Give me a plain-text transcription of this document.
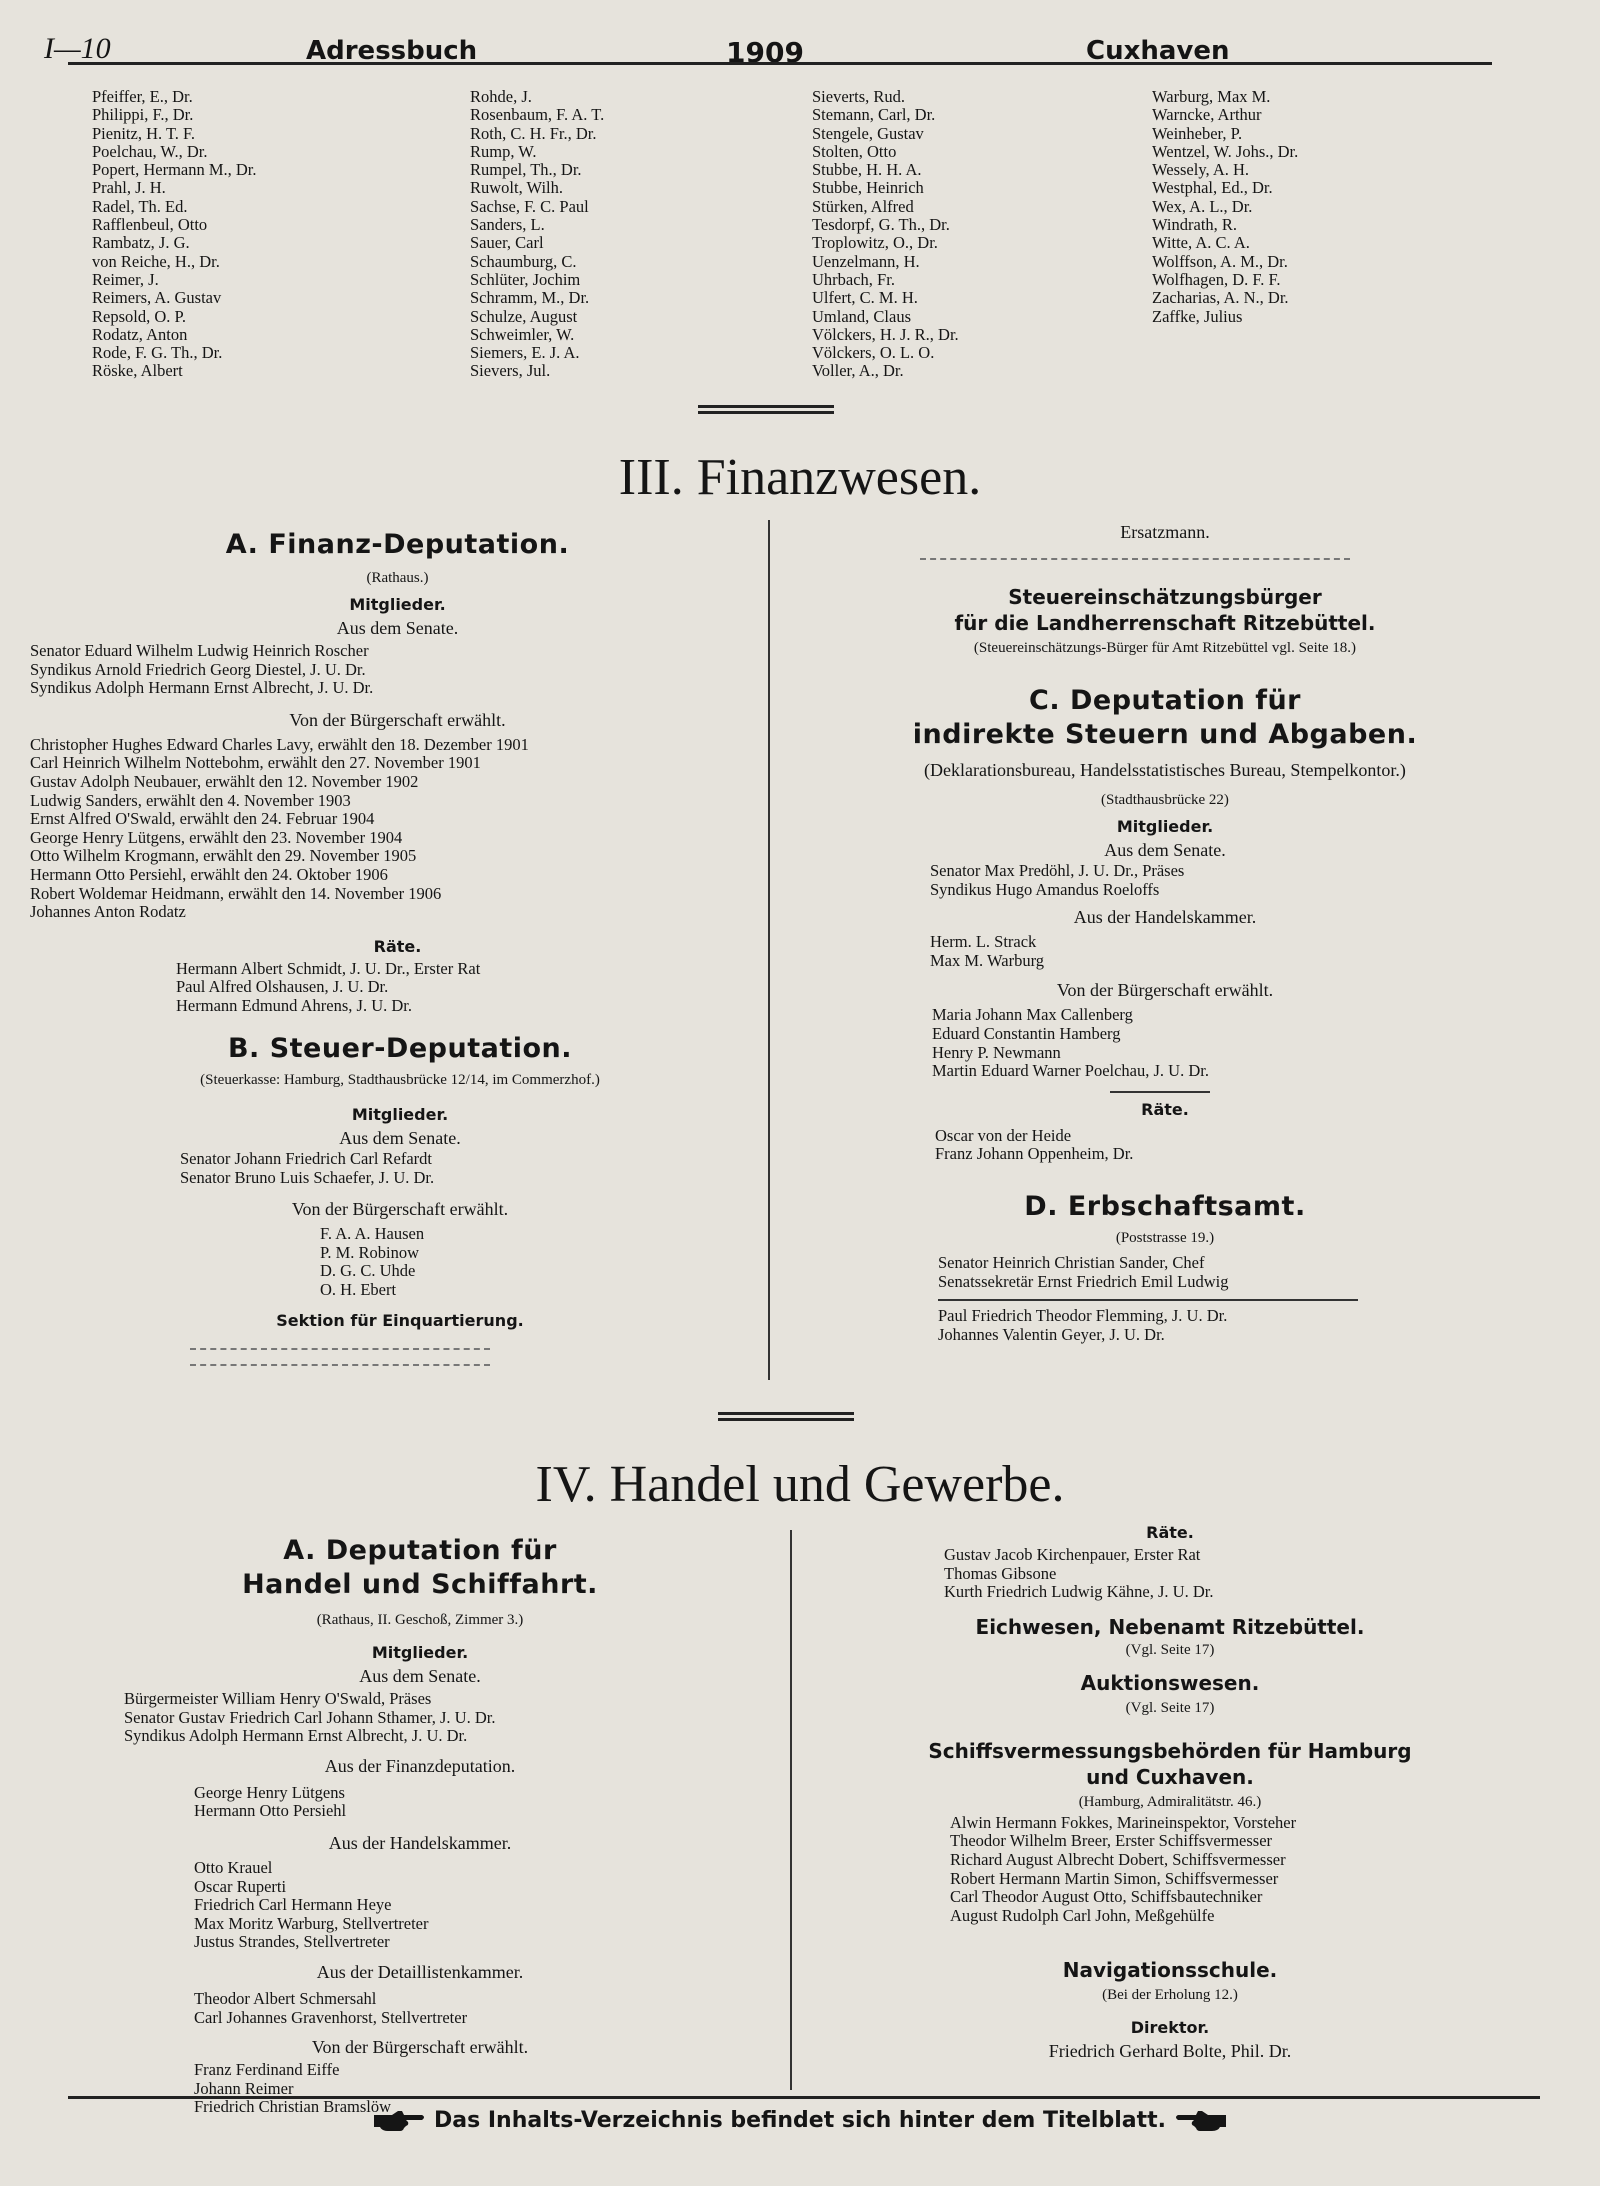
I—10	Adressbuch	1909	Cuxhaven
Pfeiffer, E., Dr.
Philippi, F., Dr.
Pienitz, H. T. F.
Poelchau, W., Dr.
Popert, Hermann M., Dr.
Prahl, J. H.
Radel, Th. Ed.
Rafflenbeul, Otto
Rambatz, J. G.
von Reiche, H., Dr.
Reimer, J.
Reimers, A. Gustav
Repsold, O. P.
Rodatz, Anton
Rode, F. G. Th., Dr.
Röske, Albert
Rohde, J.
Rosenbaum, F. A. T.
Roth, C. H. Fr., Dr.
Rump, W.
Rumpel, Th., Dr.
Ruwolt, Wilh.
Sachse, F. C. Paul
Sanders, L.
Sauer, Carl
Schaumburg, C.
Schlüter, Jochim
Schramm, M., Dr.
Schulze, August
Schweimler, W.
Siemers, E. J. A.
Sievers, Jul.
Sieverts, Rud.
Stemann, Carl, Dr.
Stengele, Gustav
Stolten, Otto
Stubbe, H. H. A.
Stubbe, Heinrich
Stürken, Alfred
Tesdorpf, G. Th., Dr.
Troplowitz, O., Dr.
Uenzelmann, H.
Uhrbach, Fr.
Ulfert, C. M. H.
Umland, Claus
Völckers, H. J. R., Dr.
Völckers, O. L. O.
Voller, A., Dr.
Warburg, Max M.
Warncke, Arthur
Weinheber, P.
Wentzel, W. Johs., Dr.
Wessely, A. H.
Westphal, Ed., Dr.
Wex, A. L., Dr.
Windrath, R.
Witte, A. C. A.
Wolffson, A. M., Dr.
Wolfhagen, D. F. F.
Zacharias, A. N., Dr.
Zaffke, Julius
III. Finanzwesen.
A. Finanz-Deputation.
(Rathaus.)
Mitglieder.
Aus dem Senate.
Senator Eduard Wilhelm Ludwig Heinrich Roscher
Syndikus Arnold Friedrich Georg Diestel, J. U. Dr.
Syndikus Adolph Hermann Ernst Albrecht, J. U. Dr.
Von der Bürgerschaft erwählt.
Christopher Hughes Edward Charles Lavy, erwählt den 18. Dezember 1901
Carl Heinrich Wilhelm Nottebohm, erwählt den 27. November 1901
Gustav Adolph Neubauer, erwählt den 12. November 1902
Ludwig Sanders, erwählt den 4. November 1903
Ernst Alfred O'Swald, erwählt den 24. Februar 1904
George Henry Lütgens, erwählt den 23. November 1904
Otto Wilhelm Krogmann, erwählt den 29. November 1905
Hermann Otto Persiehl, erwählt den 24. Oktober 1906
Robert Woldemar Heidmann, erwählt den 14. November 1906
Johannes Anton Rodatz
Räte.
Hermann Albert Schmidt, J. U. Dr., Erster Rat
Paul Alfred Olshausen, J. U. Dr.
Hermann Edmund Ahrens, J. U. Dr.
B. Steuer-Deputation.
(Steuerkasse: Hamburg, Stadthausbrücke 12/14, im Commerzhof.)
Mitglieder.
Aus dem Senate.
Senator Johann Friedrich Carl Refardt
Senator Bruno Luis Schaefer, J. U. Dr.
Von der Bürgerschaft erwählt.
F. A. A. Hausen
P. M. Robinow
D. G. C. Uhde
O. H. Ebert
Sektion für Einquartierung.
Ersatzmann.
Steuereinschätzungsbürger
für die Landherrenschaft Ritzebüttel.
(Steuereinschätzungs-Bürger für Amt Ritzebüttel vgl. Seite 18.)
C. Deputation für
indirekte Steuern und Abgaben.
(Deklarationsbureau, Handelsstatistisches Bureau, Stempelkontor.)
(Stadthausbrücke 22)
Mitglieder.
Aus dem Senate.
Senator Max Predöhl, J. U. Dr., Präses
Syndikus Hugo Amandus Roeloffs
Aus der Handelskammer.
Herm. L. Strack
Max M. Warburg
Von der Bürgerschaft erwählt.
Maria Johann Max Callenberg
Eduard Constantin Hamberg
Henry P. Newmann
Martin Eduard Warner Poelchau, J. U. Dr.
Räte.
Oscar von der Heide
Franz Johann Oppenheim, Dr.
D. Erbschaftsamt.
(Poststrasse 19.)
Senator Heinrich Christian Sander, Chef
Senatssekretär Ernst Friedrich Emil Ludwig
Paul Friedrich Theodor Flemming, J. U. Dr.
Johannes Valentin Geyer, J. U. Dr.
IV. Handel und Gewerbe.
A. Deputation für
Handel und Schiffahrt.
(Rathaus, II. Geschoß, Zimmer 3.)
Mitglieder.
Aus dem Senate.
Bürgermeister William Henry O'Swald, Präses
Senator Gustav Friedrich Carl Johann Sthamer, J. U. Dr.
Syndikus Adolph Hermann Ernst Albrecht, J. U. Dr.
Aus der Finanzdeputation.
George Henry Lütgens
Hermann Otto Persiehl
Aus der Handelskammer.
Otto Krauel
Oscar Ruperti
Friedrich Carl Hermann Heye
Max Moritz Warburg, Stellvertreter
Justus Strandes, Stellvertreter
Aus der Detaillistenkammer.
Theodor Albert Schmersahl
Carl Johannes Gravenhorst, Stellvertreter
Von der Bürgerschaft erwählt.
Franz Ferdinand Eiffe
Johann Reimer
Friedrich Christian Bramslöw
Räte.
Gustav Jacob Kirchenpauer, Erster Rat
Thomas Gibsone
Kurth Friedrich Ludwig Kähne, J. U. Dr.
Eichwesen, Nebenamt Ritzebüttel.
(Vgl. Seite 17)
Auktionswesen.
(Vgl. Seite 17)
Schiffsvermessungsbehörden für Hamburg
und Cuxhaven.
(Hamburg, Admiralitätstr. 46.)
Alwin Hermann Fokkes, Marineinspektor, Vorsteher
Theodor Wilhelm Breer, Erster Schiffsvermesser
Richard August Albrecht Dobert, Schiffsvermesser
Robert Hermann Martin Simon, Schiffsvermesser
Carl Theodor August Otto, Schiffsbautechniker
August Rudolph Carl John, Meßgehülfe
Navigationsschule.
(Bei der Erholung 12.)
Direktor.
Friedrich Gerhard Bolte, Phil. Dr.
Das Inhalts-Verzeichnis befindet sich hinter dem Titelblatt.
